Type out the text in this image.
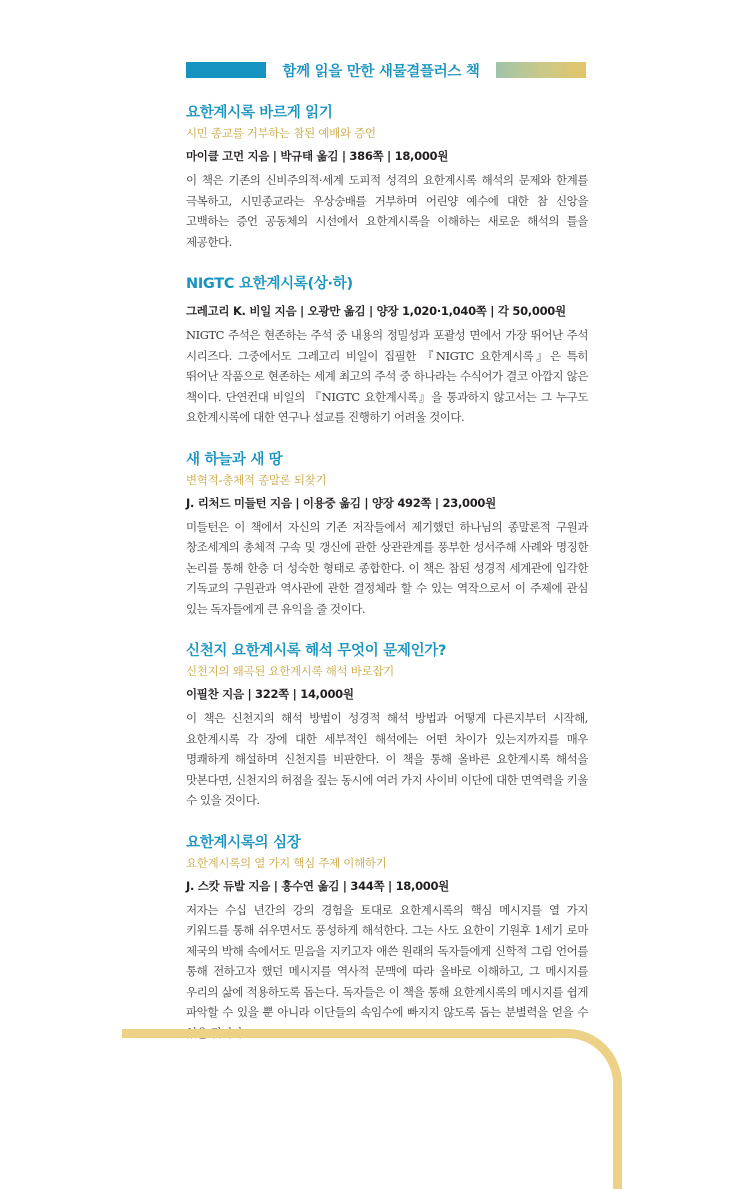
함께 읽을 만한 새물결플러스 책
요한계시록 바르게 읽기
시민 종교를 거부하는 참된 예배와 증언
마이클 고먼 지음 | 박규태 옮김 | 386쪽 | 18,000원
이 책은 기존의 신비주의적·세계 도피적 성격의 요한계시록 해석의 문제와 한계를 극복하고, 시민종교라는 우상숭배를 거부하며 어린양 예수에 대한 참 신앙을 고백하는 증언 공동체의 시선에서 요한계시록을 이해하는 새로운 해석의 틀을 제공한다.
NIGTC 요한계시록(상·하)
그레고리 K. 비일 지음 | 오광만 옮김 | 양장 1,020·1,040쪽 | 각 50,000원
NIGTC 주석은 현존하는 주석 중 내용의 정밀성과 포괄성 면에서 가장 뛰어난 주석 시리즈다. 그중에서도 그레고리 비일이 집필한 『NIGTC 요한계시록』은 특히 뛰어난 작품으로 현존하는 세계 최고의 주석 중 하나라는 수식어가 결코 아깝지 않은 책이다. 단연컨대 비일의 『NIGTC 요한계시록』을 통과하지 않고서는 그 누구도 요한계시록에 대한 연구나 설교를 진행하기 어려울 것이다.
새 하늘과 새 땅
변혁적-총체적 종말론 되찾기
J. 리처드 미들턴 지음 | 이용중 옮김 | 양장 492쪽 | 23,000원
미들턴은 이 책에서 자신의 기존 저작들에서 제기했던 하나님의 종말론적 구원과 창조세계의 총체적 구속 및 갱신에 관한 상관관계를 풍부한 성서주해 사례와 명징한 논리를 통해 한층 더 성숙한 형태로 종합한다. 이 책은 참된 성경적 세계관에 입각한 기독교의 구원관과 역사관에 관한 결정체라 할 수 있는 역작으로서 이 주제에 관심 있는 독자들에게 큰 유익을 줄 것이다.
신천지 요한계시록 해석 무엇이 문제인가?
신천지의 왜곡된 요한계시록 해석 바로잡기
이필찬 지음 | 322쪽 | 14,000원
이 책은 신천지의 해석 방법이 성경적 해석 방법과 어떻게 다른지부터 시작해, 요한계시록 각 장에 대한 세부적인 해석에는 어떤 차이가 있는지까지를 매우 명쾌하게 해설하며 신천지를 비판한다. 이 책을 통해 올바른 요한계시록 해석을 맛본다면, 신천지의 허점을 짚는 동시에 여러 가지 사이비 이단에 대한 면역력을 키울 수 있을 것이다.
요한계시록의 심장
요한계시록의 열 가지 핵심 주제 이해하기
J. 스캇 듀발 지음 | 홍수연 옮김 | 344쪽 | 18,000원
저자는 수십 년간의 강의 경험을 토대로 요한계시록의 핵심 메시지를 열 가지 키워드를 통해 쉬우면서도 풍성하게 해석한다. 그는 사도 요한이 기원후 1세기 로마 제국의 박해 속에서도 믿음을 지키고자 애쓴 원래의 독자들에게 신학적 그림 언어를 통해 전하고자 했던 메시지를 역사적 문맥에 따라 올바로 이해하고, 그 메시지를 우리의 삶에 적용하도록 돕는다. 독자들은 이 책을 통해 요한계시록의 메시지를 쉽게 파악할 수 있을 뿐 아니라 이단들의 속임수에 빠지지 않도록 돕는 분별력을 얻을 수 있을 것이다.
